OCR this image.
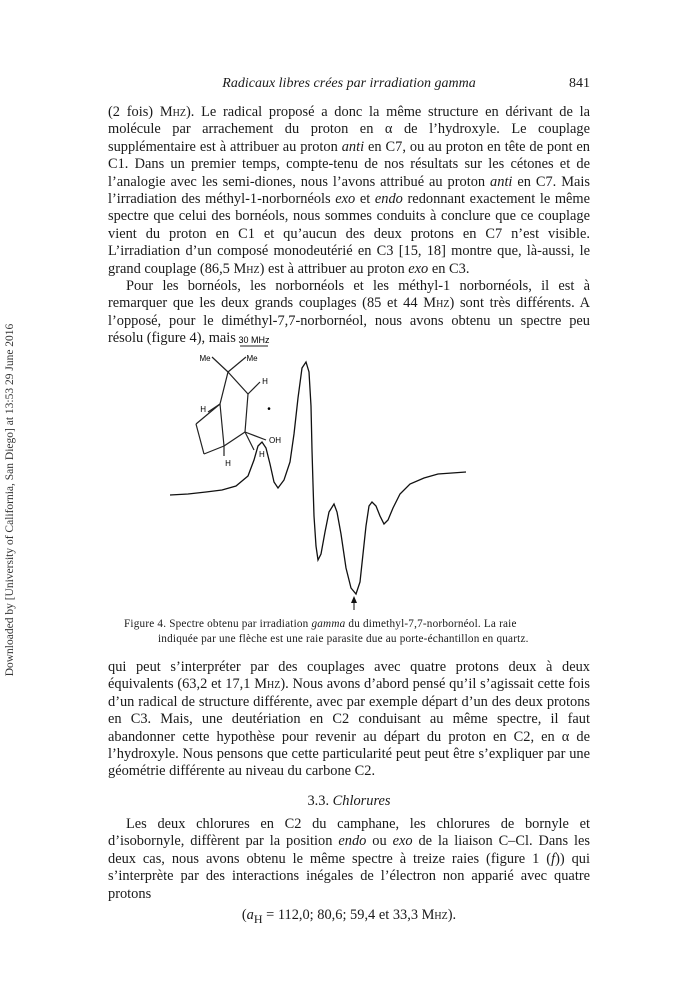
Downloaded by [University of California, San Diego] at 13:53 29 June 2016
Radicaux libres crées par irradiation gamma	841

(2 fois) Mhz). Le radical proposé a donc la même structure en dérivant de la molécule par arrachement du proton en α de l’hydroxyle. Le couplage supplémentaire est à attribuer au proton anti en C7, ou au proton en tête de pont en C1. Dans un premier temps, compte-tenu de nos résultats sur les cétones et de l’analogie avec les semi-diones, nous l’avons attribué au proton anti en C7. Mais l’irradiation des méthyl-1-norbornéols exo et endo redonnant exactement le même spectre que celui des bornéols, nous sommes conduits à conclure que ce couplage vient du proton en C1 et qu’aucun des deux protons en C7 n’est visible. L’irradiation d’un composé monodeutérié en C3 [15, 18] montre que, là-aussi, le grand couplage (86,5 Mhz) est à attribuer au proton exo en C3.

Pour les bornéols, les norbornéols et les méthyl-1 norbornéols, il est à remarquer que les deux grands couplages (85 et 44 Mhz) sont très différents. A l’opposé, pour le diméthyl-7,7-norbornéol, nous avons obtenu un spectre peu résolu (figure 4), mais 30 MHz
Me	Me
H
H	•
OH
H
H

Figure 4. Spectre obtenu par irradiation gamma du dimethyl-7,7-norbornéol. La raie

indiquée par une flèche est une raie parasite due au porte-échantillon en quartz.

qui peut s’interpréter par des couplages avec quatre protons deux à deux équivalents (63,2 et 17,1 Mhz). Nous avons d’abord pensé qu’il s’agissait cette fois d’un radical de structure différente, avec par exemple départ d’un des deux protons en C3. Mais, une deutériation en C2 conduisant au même spectre, il faut abandonner cette hypothèse pour revenir au départ du proton en C2, en α de l’hydroxyle. Nous pensons que cette particularité peut peut être s’expliquer par une géométrie différente au niveau du carbone C2.

3.3. Chlorures

Les deux chlorures en C2 du camphane, les chlorures de bornyle et d’isobornyle, diffèrent par la position endo ou exo de la liaison C–Cl. Dans les deux cas, nous avons obtenu le même spectre à treize raies (figure 1 (f)) qui s’interprète par des interactions inégales de l’électron non apparié avec quatre protons

($a_H = 112,0$; 80,6; 59,4 et 33,3 Mhz).
